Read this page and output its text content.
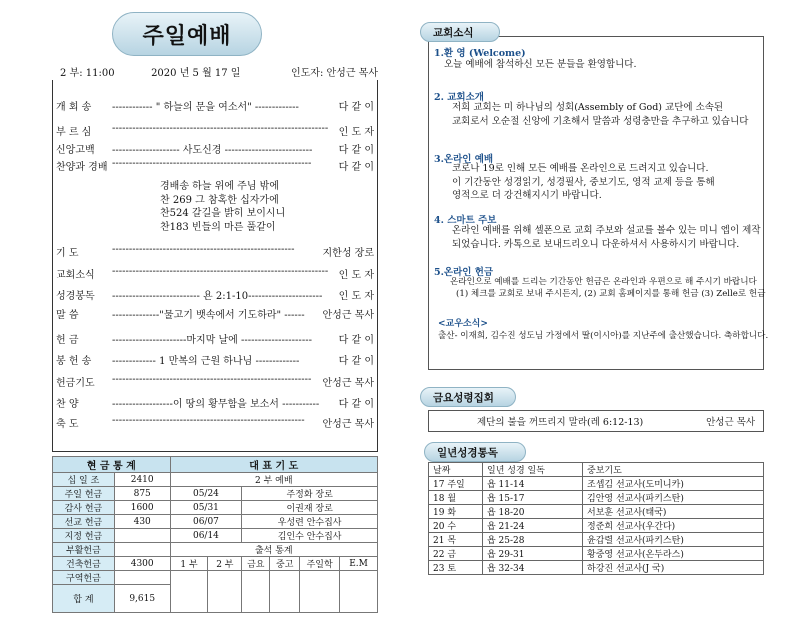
주일예배
2 부: 11:00	2020 년 5 월 17 일	인도자: 안성근 목사
개 회 송	------------ " 하늘의 문을 여소서" -------------	다 같 이
부 르 심	----------------------------------------------------------------	인 도 자
신앙고백	-------------------- 사도신경 --------------------------	다 같 이
찬양과 경배 -----------------------------------------------------------	다 같 이
기 도	------------------------------------------------------	지한성 장로
교회소식	----------------------------------------------------------------	인 도 자
성경봉독	-------------------------- 욘 2:1-10----------------------	인 도 자
말 씀	--------------"물고기 뱃속에서 기도하라" ------	안성근 목사
헌 금	----------------------마지막 날에 ---------------------	다 같 이
봉 헌 송	------------- 1 만복의 근원 하나님 -------------	다 같 이
헌금기도	-----------------------------------------------------------	안성근 목사
찬 양	------------------이 땅의 황무함을 보소서 -----------	다 같 이
축 도	---------------------------------------------------------	안성근 목사
경배송 하늘 위에 주님 밖에
찬 269 그 참혹한 십자가에
찬524 갈길을 밝히 보이시니
찬183 빈들의 마른 풀같이
현 금 통 계		대 표 기 도					
십 일 조	2410	2 부 예배					
주일 헌금	875	05/24		주정화 장로			
감사 헌금	1600	05/31		이권재 장로			
선교 헌금	430	06/07		우성련 안수집사			
지정 헌금		06/14		김인수 안수집사			
부활헌금		출석 통계					
건축헌금	4300	1 부	2 부	금요	중고	주일학	E.M
구역헌금							
합 계	9,615						
교회소식
1.환 영 (Welcome)
오늘 예배에 참석하신 모든 분들을 환영합니다.
2. 교회소개
저희 교회는 미 하나님의 성회(Assembly of God) 교단에 소속된
교회로서 오순절 신앙에 기초해서 말씀과 성령충만을 추구하고 있습니다
3.온라인 예배
코로나 19로 인해 모든 예배를 온라인으로 드려지고 있습니다.
이 기간동안 성경읽기, 성경필사, 중보기도, 영적 교제 등을 통해
영적으로 더 강건해지시기 바랍니다.
4. 스마트 주보
온라인 예배를 위해 셀폰으로 교회 주보와 설교를 볼수 있는 미니 엡이 제작
되었습니다. 카톡으로 보내드리오니 다운하셔서 사용하시기 바랍니다.
5.온라인 헌금
온라인으로 예배를 드리는 기간동안 헌금은 온라인과 우편으로 해 주시기 바랍니다
(1) 체크를 교회로 보내 주시든지, (2) 교회 홈페이지를 통해 헌금 (3) Zelle로 헌금
<교우소식>
출산- 이재희, 김수진 성도님 가정에서 딸(이시아)를 지난주에 출산했습니다. 축하합니다.
금요성령집회
제단의 불을 꺼뜨리지 말라(레 6:12-13)	안성근 목사
일년성경통독
날짜	일년 성경 일독	중보기도
17 주일	욥 11-14	조셉김 선교사(도미니카)
18 월	욥 15-17	김안영 선교사(파키스탄)
19 화	욥 18-20	서보훈 선교사(태국)
20 수	욥 21-24	정준희 선교사(우간다)
21 목	욥 25-28	윤갑렬 선교사(파키스탄)
22 금	욥 29-31	황중영 선교사(온두라스)
23 토	욥 32-34	하강진 선교사(J 국)
